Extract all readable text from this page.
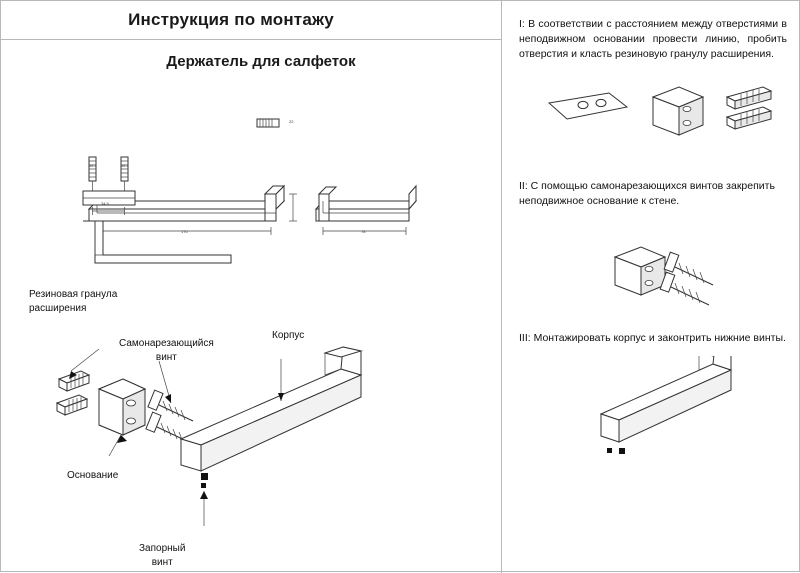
Инструкция по монтажу
Держатель для салфеток
170	78
22
34.5
48.5	48.5
Резиновая гранула
расширения
Самонарезающийся
винт
Корпус
Основание
Запорный
винт
I: В соответствии с расстоянием между отверстиями в неподвижном основании провести линию, пробить отверстия и класть резиновую гранулу расширения.
II: С помощью самонарезающихся винтов закрепить неподвижное основание к стене.
III: Монтажировать корпус и законтрить нижние винты.
